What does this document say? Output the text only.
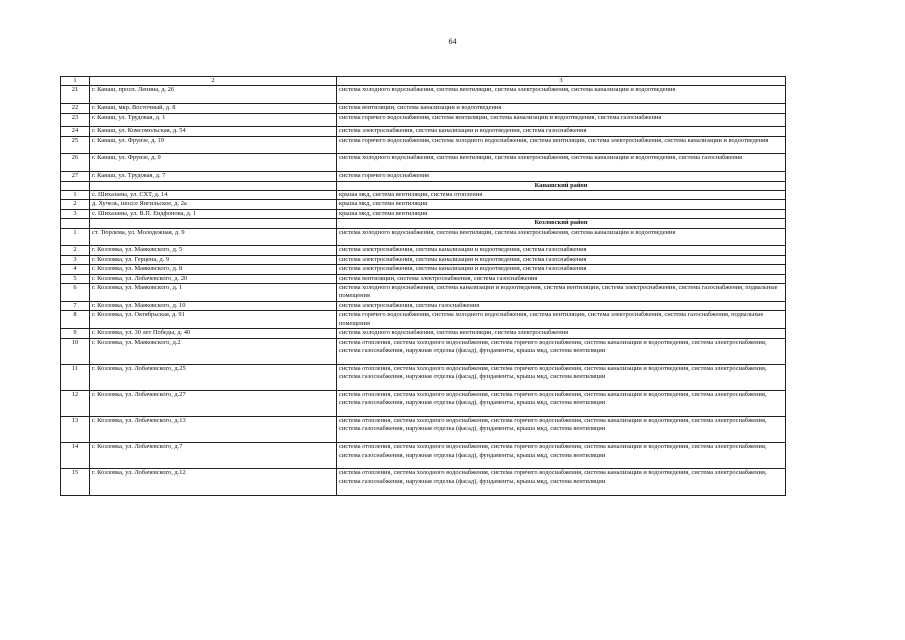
64
1	2	3
21	г. Канаш, просп. Ленина, д. 26	система холодного водоснабжения, система вентиляции, система электроснабжения, система канализации и водоотведения
22	г. Канаш, мкр. Восточный, д. 8	система вентиляции, система канализации и водоотведения
23	г. Канаш, ул. Трудовая, д. 1	система горячего водоснабжения, система вентиляции, система канализации и водоотведения, система газоснабжения
24	г. Канаш, ул. Комсомольская, д. 54	система электроснабжения, система канализации и водоотведения, система газоснабжения
25	г. Канаш, ул. Фрунзе, д. 19	система горячего водоснабжения, система холодного водоснабжения, система вентиляции, система электроснабжения, система канализации и водоотведения
26	г. Канаш, ул. Фрунзе, д. 9	система холодного водоснабжения, система вентиляции, система электроснабжения, система канализации и водоотведения, система газоснабжения
27	г. Канаш, ул. Трудовая, д. 7	система горячего водоснабжения
		Канашский район
1	с. Шихазаны, ул. СХТ, д. 14	крыша мкд, система вентиляции, система отопления
2	д. Хучель, шоссе Янгильское, д. 2а	крыша мкд, система вентиляции
3	с. Шихазаны, ул. В.П. Ендфонова, д. 1	крыша мкд, система вентиляции
		Козловский район
1	ст. Тюрлема, ул. Молодежная, д. 9	система холодного водоснабжения, система вентиляции, система электроснабжения, система канализации и водоотведения
2	г. Козловка, ул. Маяковского, д. 5	система электроснабжения, система канализации и водоотведения, система газоснабжения
3	г. Козловка, ул. Герцена, д. 9	система электроснабжения, система канализации и водоотведения, система газоснабжения
4	г. Козловка, ул. Маяковского, д. 8	система электроснабжения, система канализации и водоотведения, система газоснабжения
5	г. Козловка, ул. Лобачевского, д. 20	система вентиляции, система электроснабжения, система газоснабжения
6	г. Козловка, ул. Маяковского, д. 1	система холодного водоснабжения, система канализации и водоотведения, система вентиляции, система электроснабжения, система газоснабжения, подвальные помещения
7	г. Козловка, ул. Маяковского, д. 10	система электроснабжения, система газоснабжения
8	г. Козловка, ул. Октябрьская, д. 91	система горячего водоснабжения, система холодного водоснабжения, система вентиляции, система электроснабжения, система газоснабжения, подвальные помещения
9	г. Козловка, ул. 30 лет Победы, д. 40	система холодного водоснабжения, система вентиляции, система электроснабжения
10	г. Козловка, ул. Маяковского, д.2	система отопления, система холодного водоснабжения, система горячего водоснабжения, система канализации и водоотведения, система электроснабжения, система газоснабжения, наружная отделка (фасад), фундаменты, крыша мкд, система вентиляции
11	г. Козловка, ул. Лобачевского, д.25	система отопления, система холодного водоснабжения, система горячего водоснабжения, система канализации и водоотведения, система электроснабжения, система газоснабжения, наружная отделка (фасад), фундаменты, крыша мкд, система вентиляции
12	г. Козловка, ул. Лобачевского, д.27	система отопления, система холодного водоснабжения, система горячего водоснабжения, система канализации и водоотведения, система электроснабжения, система газоснабжения, наружная отделка (фасад), фундаменты, крыша мкд, система вентиляции
13	г. Козловка, ул. Лобачевского, д.13	система отопления, система холодного водоснабжения, система горячего водоснабжения, система канализации и водоотведения, система электроснабжения, система газоснабжения, наружная отделка (фасад), фундаменты, крыша мкд, система вентиляции
14	г. Козловка, ул. Лобачевского, д.7	система отопления, система холодного водоснабжения, система горячего водоснабжения, система канализации и водоотведения, система электроснабжения, система газоснабжения, наружная отделка (фасад), фундаменты, крыша мкд, система вентиляции
15	г. Козловка, ул. Лобачевского, д.12	система отопления, система холодного водоснабжения, система горячего водоснабжения, система канализации и водоотведения, система электроснабжения, система газоснабжения, наружная отделка (фасад), фундаменты, крыша мкд, система вентиляции
